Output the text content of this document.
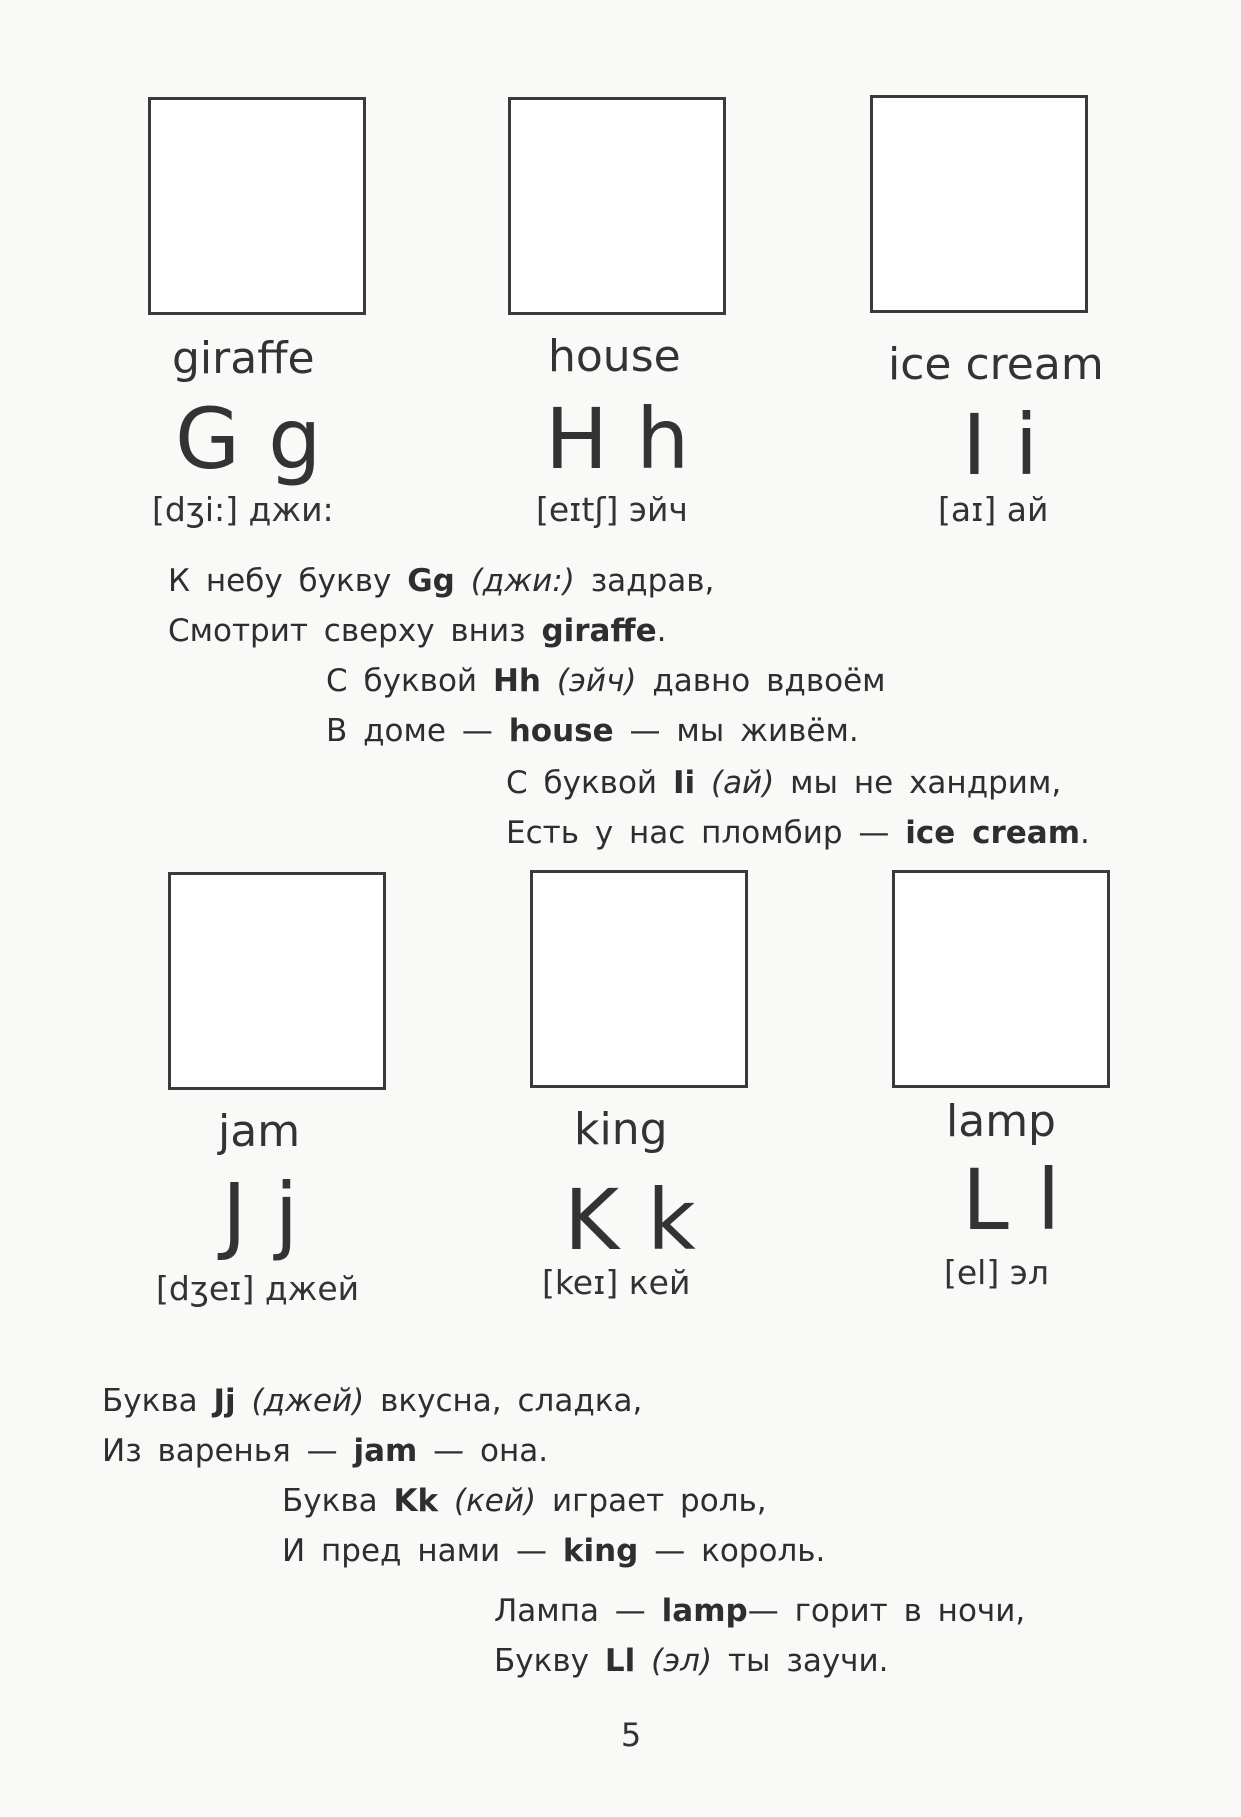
giraffe
G g
[dʒi:] джи:
house
H h
[eɪtʃ] эйч
ice cream
I i
[aɪ] ай
К небу букву Gg (джи:) задрав,
Смотрит сверху вниз giraffe.
С буквой Hh (эйч) давно вдвоём
В доме — house — мы живём.
С буквой Ii (ай) мы не хандрим,
Есть у нас пломбир — ice cream.
jam
J j
[dʒeɪ] джей
king
K k
[keɪ] кей
lamp
L l
[el] эл
Буква Jj (джей) вкусна, сладка,
Из варенья — jam — она.
Буква Kk (кей) играет роль,
И пред нами — king — король.
Лампа — lamp— горит в ночи,
Букву Ll (эл) ты заучи.
5
